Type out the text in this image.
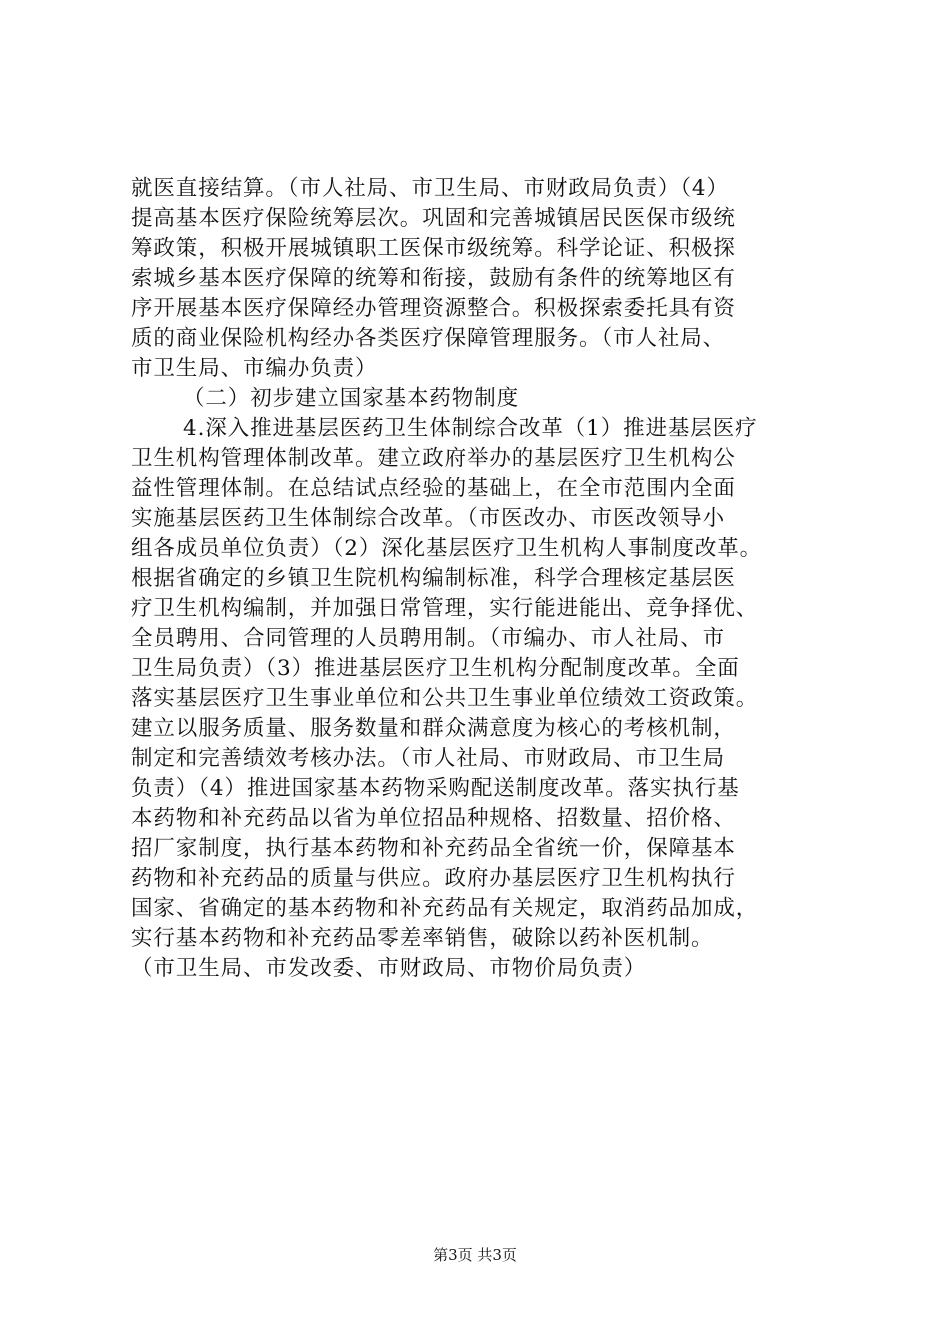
就医直接结算。（市人社局、市卫生局、市财政局负责）（4）
提高基本医疗保险统筹层次。巩固和完善城镇居民医保市级统
筹政策，积极开展城镇职工医保市级统筹。科学论证、积极探
索城乡基本医疗保障的统筹和衔接，鼓励有条件的统筹地区有
序开展基本医疗保障经办管理资源整合。积极探索委托具有资
质的商业保险机构经办各类医疗保障管理服务。（市人社局、
市卫生局、市编办负责）
（二）初步建立国家基本药物制度
4.深入推进基层医药卫生体制综合改革（1）推进基层医疗
卫生机构管理体制改革。建立政府举办的基层医疗卫生机构公
益性管理体制。在总结试点经验的基础上，在全市范围内全面
实施基层医药卫生体制综合改革。（市医改办、市医改领导小
组各成员单位负责）（2）深化基层医疗卫生机构人事制度改革。
根据省确定的乡镇卫生院机构编制标准，科学合理核定基层医
疗卫生机构编制，并加强日常管理，实行能进能出、竞争择优、
全员聘用、合同管理的人员聘用制。（市编办、市人社局、市
卫生局负责）（3）推进基层医疗卫生机构分配制度改革。全面
落实基层医疗卫生事业单位和公共卫生事业单位绩效工资政策。
建立以服务质量、服务数量和群众满意度为核心的考核机制，
制定和完善绩效考核办法。（市人社局、市财政局、市卫生局
负责）（4）推进国家基本药物采购配送制度改革。落实执行基
本药物和补充药品以省为单位招品种规格、招数量、招价格、
招厂家制度，执行基本药物和补充药品全省统一价，保障基本
药物和补充药品的质量与供应。政府办基层医疗卫生机构执行
国家、省确定的基本药物和补充药品有关规定，取消药品加成，
实行基本药物和补充药品零差率销售，破除以药补医机制。
（市卫生局、市发改委、市财政局、市物价局负责）
第3页 共3页
